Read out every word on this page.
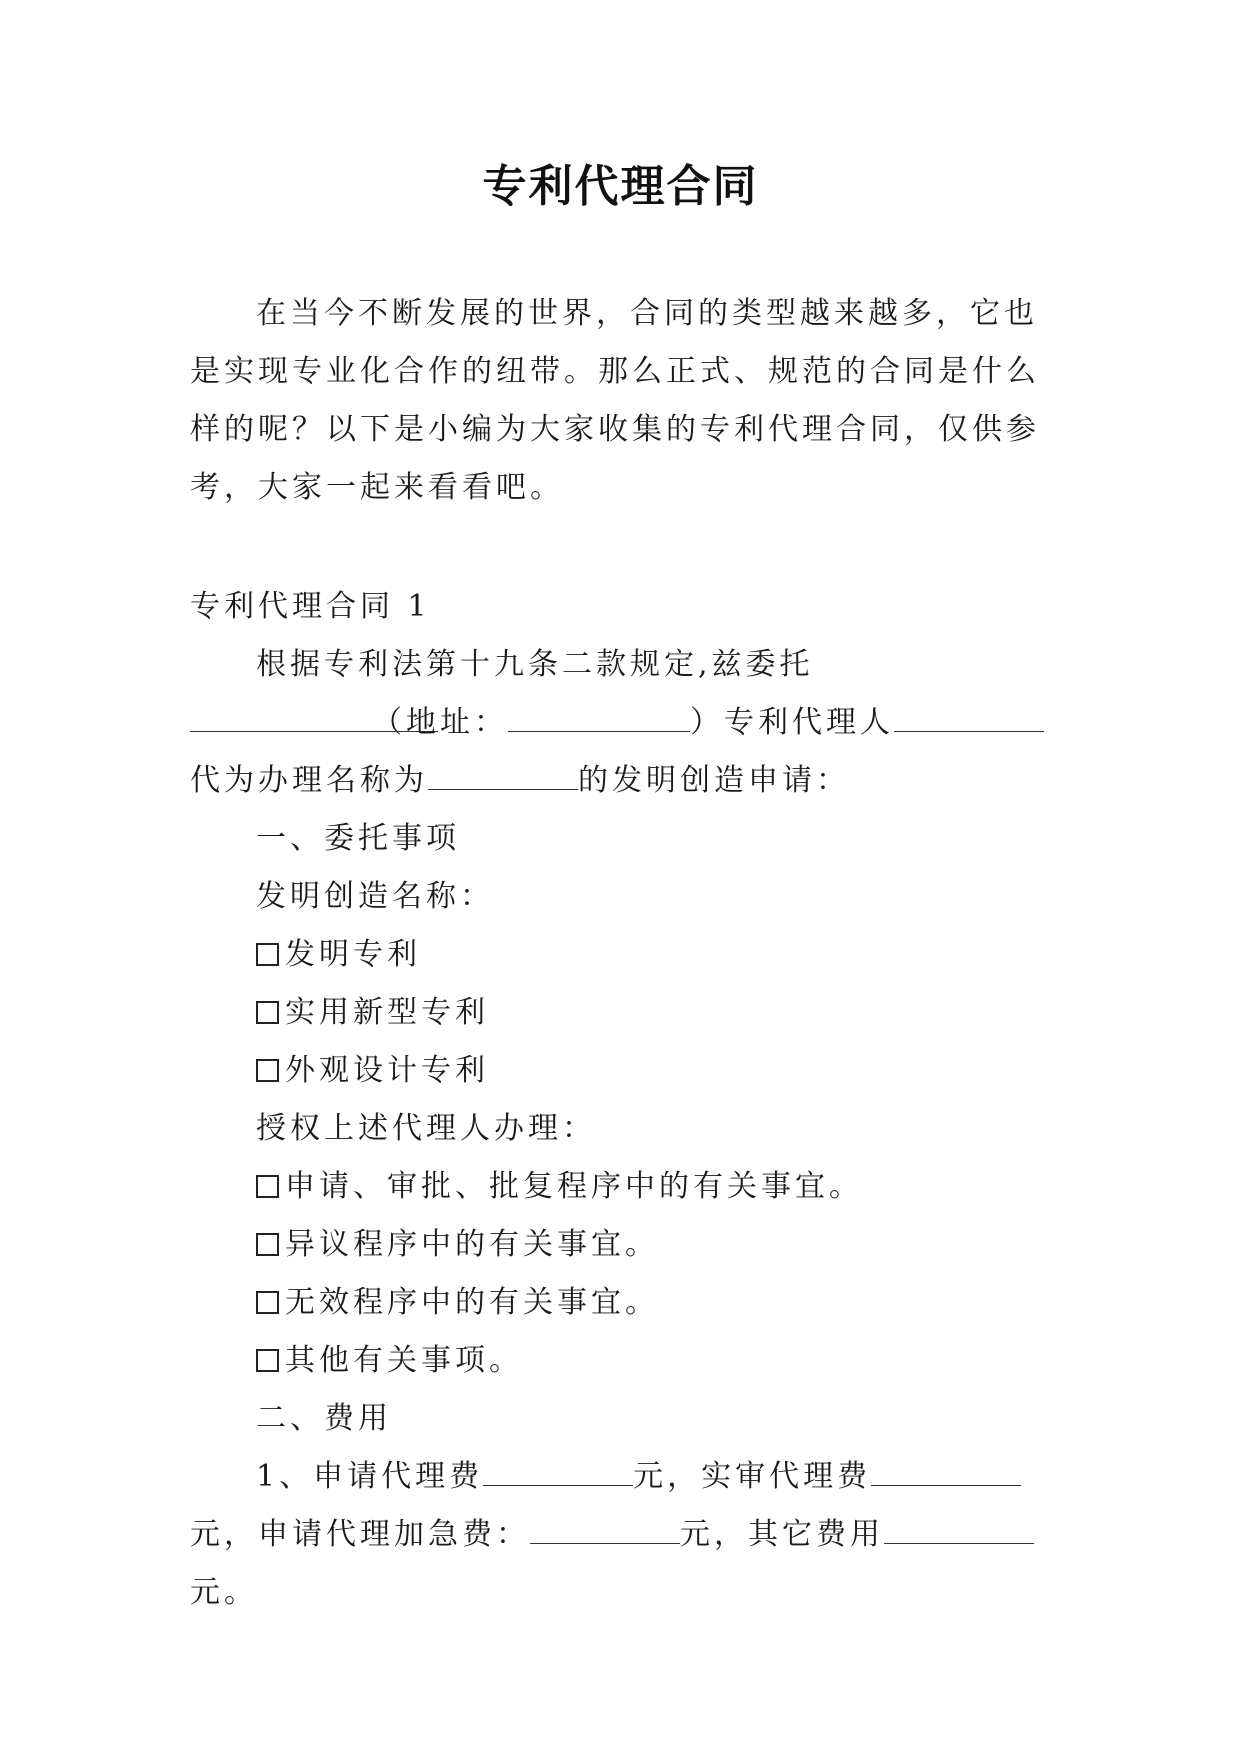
专利代理合同

在当今不断发展的世界，合同的类型越来越多，它也是实现专业化合作的纽带。那么正式、规范的合同是什么样的呢？以下是小编为大家收集的专利代理合同，仅供参考，大家一起来看看吧。

专利代理合同 1

根据专利法第十九条二款规定,兹委托（地址：	）专利代理人代为办理名称为	的发明创造申请：

一、委托事项

发明创造名称：

发明专利

实用新型专利

外观设计专利

授权上述代理人办理：

申请、审批、批复程序中的有关事宜。

异议程序中的有关事宜。

无效程序中的有关事宜。

其他有关事项。

二、费用

1、申请代理费	元，实审代理费元，申请代理加急费：	元，其它费用元。
